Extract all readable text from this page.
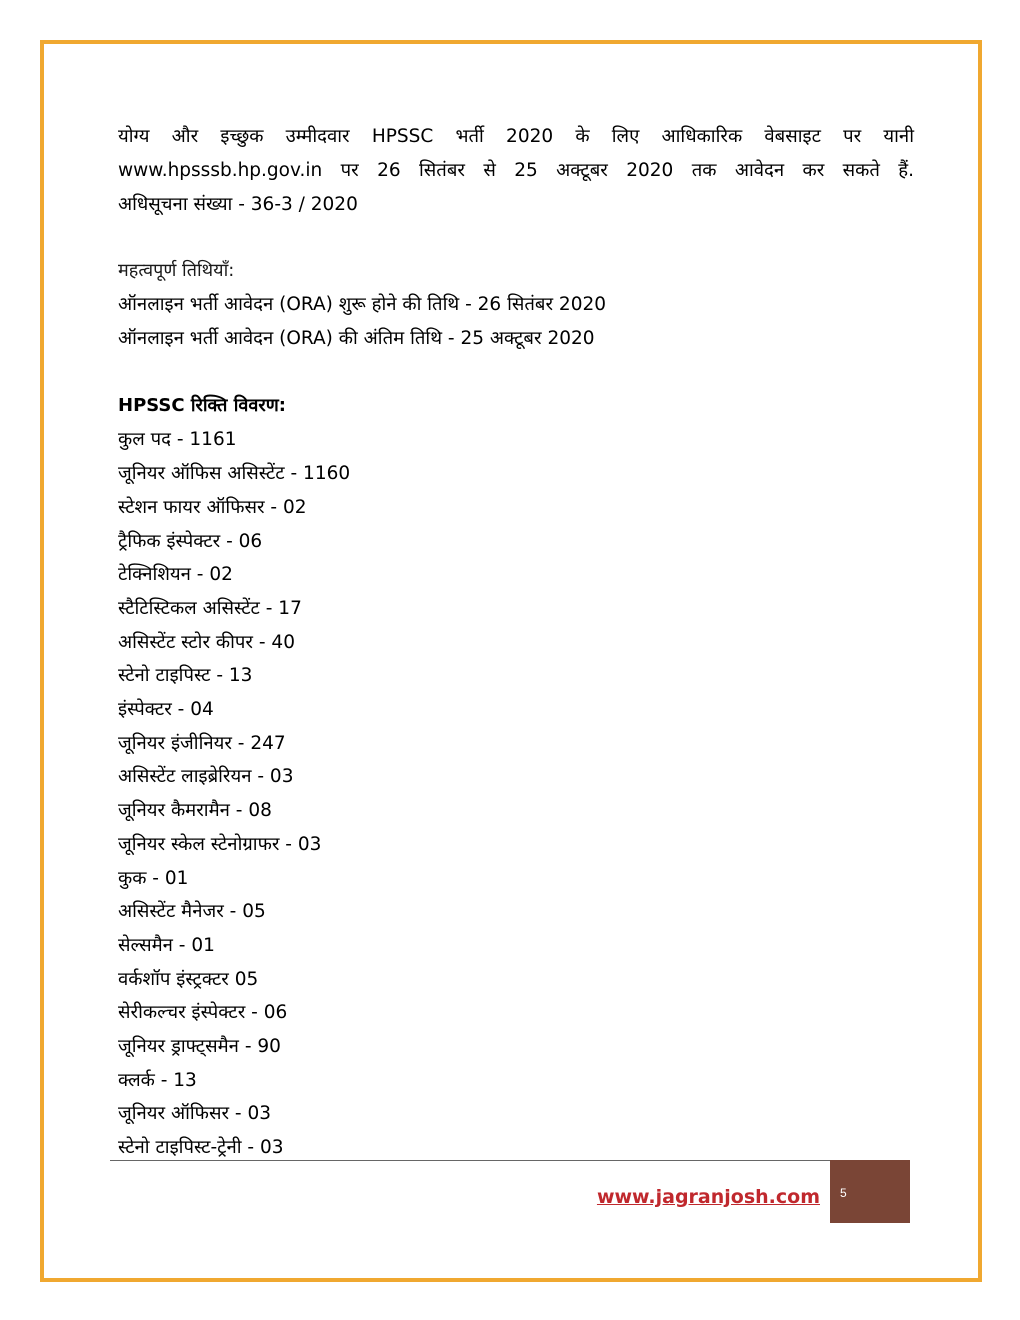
योग्य और इच्छुक उम्मीदवार HPSSC भर्ती 2020 के लिए आधिकारिक वेबसाइट पर यानी
www.hpsssb.hp.gov.in पर 26 सितंबर से 25 अक्टूबर 2020 तक आवेदन कर सकते हैं.
अधिसूचना संख्या - 36-3 / 2020

महत्वपूर्ण तिथियाँ:

ऑनलाइन भर्ती आवेदन (ORA) शुरू होने की तिथि - 26 सितंबर 2020

ऑनलाइन भर्ती आवेदन (ORA) की अंतिम तिथि - 25 अक्टूबर 2020

HPSSC रिक्ति विवरण:

कुल पद - 1161

जूनियर ऑफिस असिस्टेंट - 1160

स्टेशन फायर ऑफिसर - 02

ट्रैफिक इंस्पेक्टर - 06

टेक्निशियन - 02

स्टैटिस्टिकल असिस्टेंट - 17

असिस्टेंट स्टोर कीपर - 40

स्टेनो टाइपिस्ट - 13

इंस्पेक्टर - 04

जूनियर इंजीनियर - 247

असिस्टेंट लाइब्रेरियन - 03

जूनियर कैमरामैन - 08

जूनियर स्केल स्टेनोग्राफर - 03

कुक - 01

असिस्टेंट मैनेजर - 05

सेल्समैन - 01

वर्कशॉप इंस्ट्रक्टर 05

सेरीकल्चर इंस्पेक्टर - 06

जूनियर ड्राफ्ट्समैन - 90

क्लर्क - 13

जूनियर ऑफिसर - 03

स्टेनो टाइपिस्ट-ट्रेनी - 03

www.jagranjosh.com 5
